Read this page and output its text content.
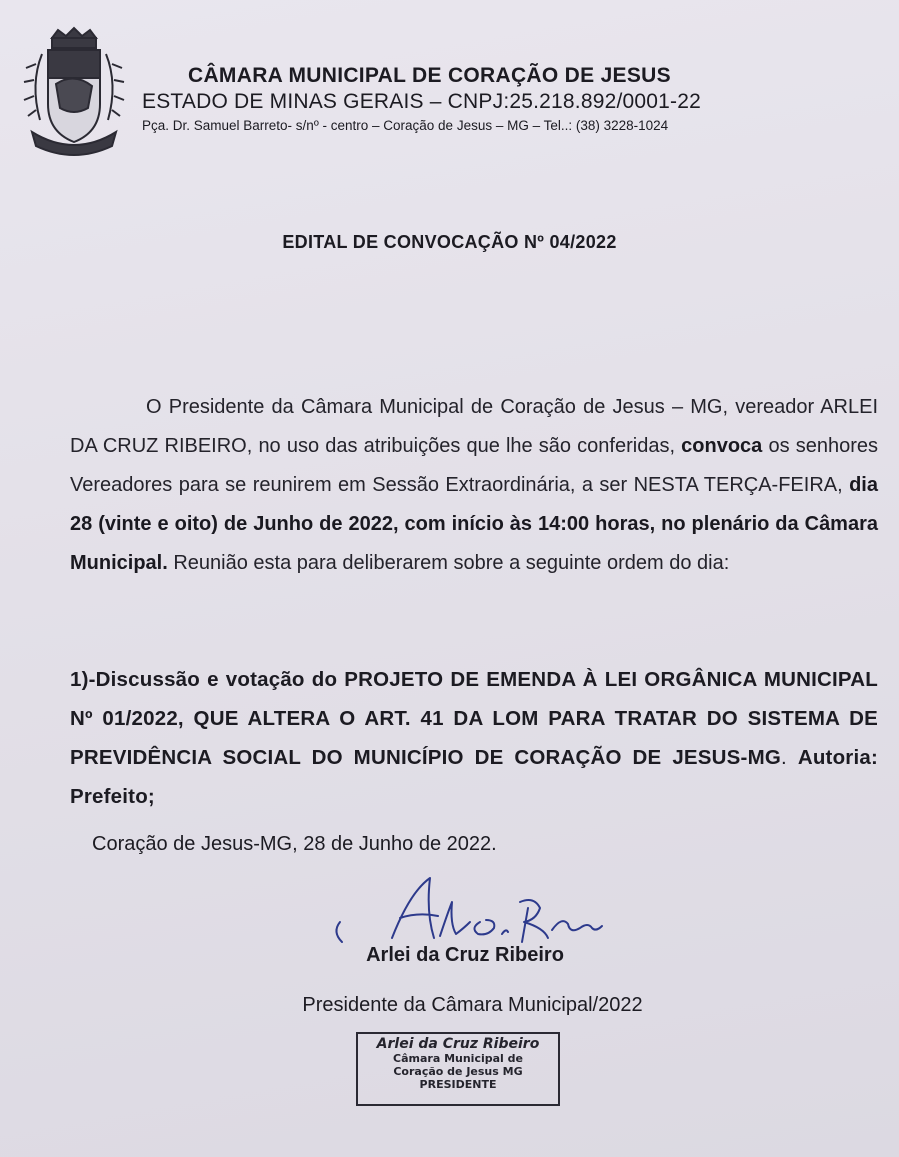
CÂMARA MUNICIPAL DE CORAÇÃO DE JESUS
ESTADO DE MINAS GERAIS – CNPJ:25.218.892/0001-22
Pça. Dr. Samuel Barreto- s/nº - centro – Coração de Jesus – MG – Tel..: (38) 3228-1024
EDITAL DE CONVOCAÇÃO Nº 04/2022
O Presidente da Câmara Municipal de Coração de Jesus – MG, vereador ARLEI DA CRUZ RIBEIRO, no uso das atribuições que lhe são conferidas, convoca os senhores Vereadores para se reunirem em Sessão Extraordinária, a ser NESTA TERÇA-FEIRA, dia 28 (vinte e oito) de Junho de 2022, com início às 14:00 horas, no plenário da Câmara Municipal. Reunião esta para deliberarem sobre a seguinte ordem do dia:
1)-Discussão e votação do PROJETO DE EMENDA À LEI ORGÂNICA MUNICIPAL Nº 01/2022, QUE ALTERA O ART. 41 DA LOM PARA TRATAR DO SISTEMA DE PREVIDÊNCIA SOCIAL DO MUNICÍPIO DE CORAÇÃO DE JESUS-MG. Autoria: Prefeito;
Coração de Jesus-MG, 28 de Junho de 2022.
Arlei da Cruz Ribeiro
Presidente da Câmara Municipal/2022
Arlei da Cruz Ribeiro
Câmara Municipal de
Coração de Jesus MG
PRESIDENTE
